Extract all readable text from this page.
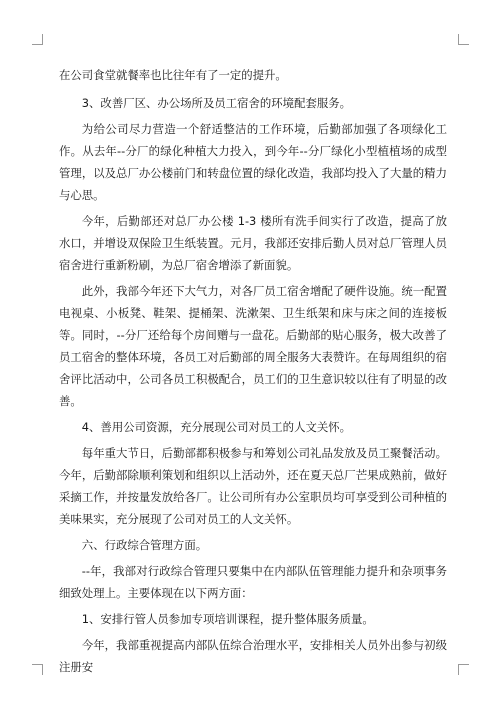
在公司食堂就餐率也比往年有了一定的提升。

3、改善厂区、办公场所及员工宿舍的环境配套服务。

为给公司尽力营造一个舒适整洁的工作环境，后勤部加强了各项绿化工作。从去年--分厂的绿化种植大力投入，到今年--分厂绿化小型植植场的成型管理，以及总厂办公楼前门和转盘位置的绿化改造，我部均投入了大量的精力与心思。

今年，后勤部还对总厂办公楼 1-3 楼所有洗手间实行了改造，提高了放水口，并增设双保险卫生纸装置。元月，我部还安排后勤人员对总厂管理人员宿舍进行重新粉刷，为总厂宿舍增添了新面貌。

此外，我部今年还下大气力，对各厂员工宿舍增配了硬件设施。统一配置电视桌、小板凳、鞋架、提桶架、洗漱架、卫生纸架和床与床之间的连接板等。同时，--分厂还给每个房间赠与一盘花。后勤部的贴心服务，极大改善了员工宿舍的整体环境，各员工对后勤部的周全服务大表赞许。在每周组织的宿舍评比活动中，公司各员工积极配合，员工们的卫生意识较以往有了明显的改善。

4、善用公司资源，充分展现公司对员工的人文关怀。

每年重大节日，后勤部都积极参与和筹划公司礼品发放及员工聚餐活动。今年，后勤部除顺利策划和组织以上活动外，还在夏天总厂芒果成熟前，做好采摘工作，并按量发放给各厂。让公司所有办公室职员均可享受到公司种植的美味果实，充分展现了公司对员工的人文关怀。

六、行政综合管理方面。

--年，我部对行政综合管理只要集中在内部队伍管理能力提升和杂项事务细致处理上。主要体现在以下两方面：

1、安排行管人员参加专项培训课程，提升整体服务质量。

今年，我部重视提高内部队伍综合治理水平，安排相关人员外出参与初级注册安
